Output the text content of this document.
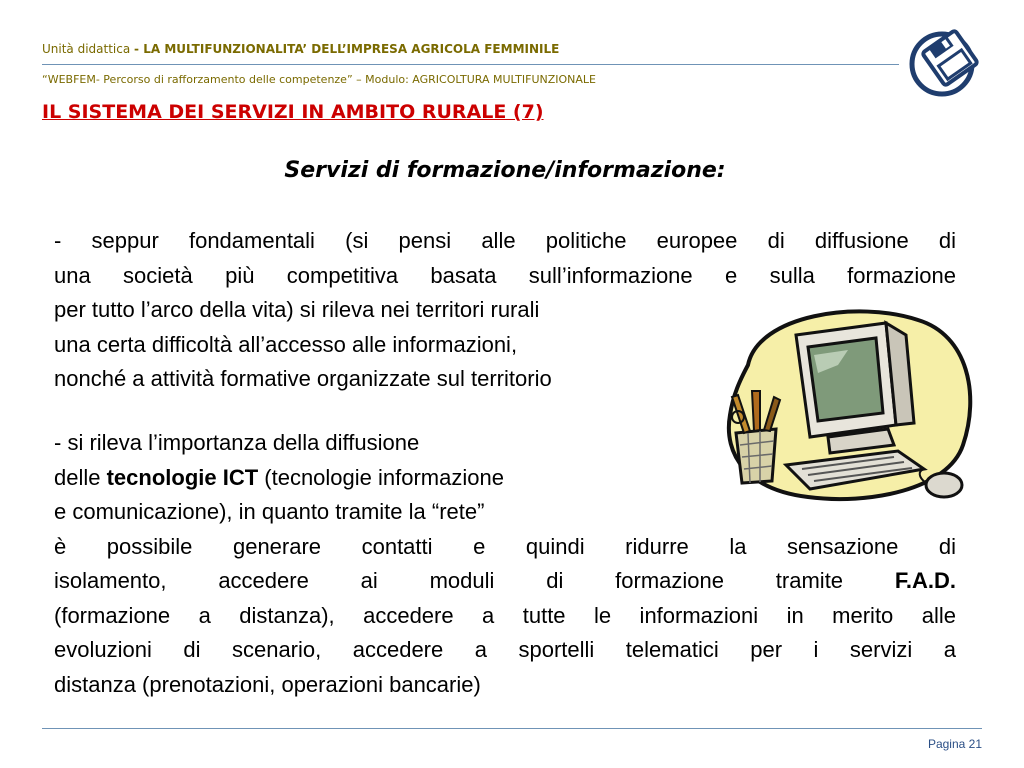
Unità didattica - LA MULTIFUNZIONALITA’ DELL’IMPRESA AGRICOLA FEMMINILE
“WEBFEM- Percorso di rafforzamento delle competenze” – Modulo: AGRICOLTURA MULTIFUNZIONALE
IL SISTEMA DEI SERVIZI IN AMBITO RURALE (7)
Servizi di formazione/informazione:
- seppur fondamentali (si pensi alle politiche europee di diffusione di
una società più competitiva basata sull’informazione e sulla formazione
per tutto l’arco della vita) si rileva nei territori rurali
una certa difficoltà all’accesso alle informazioni,
nonché a attività formative organizzate sul territorio
- si rileva l’importanza della diffusione
delle tecnologie ICT (tecnologie informazione
e comunicazione), in quanto tramite la “rete”
è possibile generare contatti e quindi ridurre la sensazione di
isolamento, accedere ai moduli di formazione tramite F.A.D.
(formazione a distanza), accedere a tutte le informazioni in merito alle
evoluzioni di scenario, accedere a sportelli telematici per i servizi a
distanza (prenotazioni, operazioni bancarie)
Pagina 21
